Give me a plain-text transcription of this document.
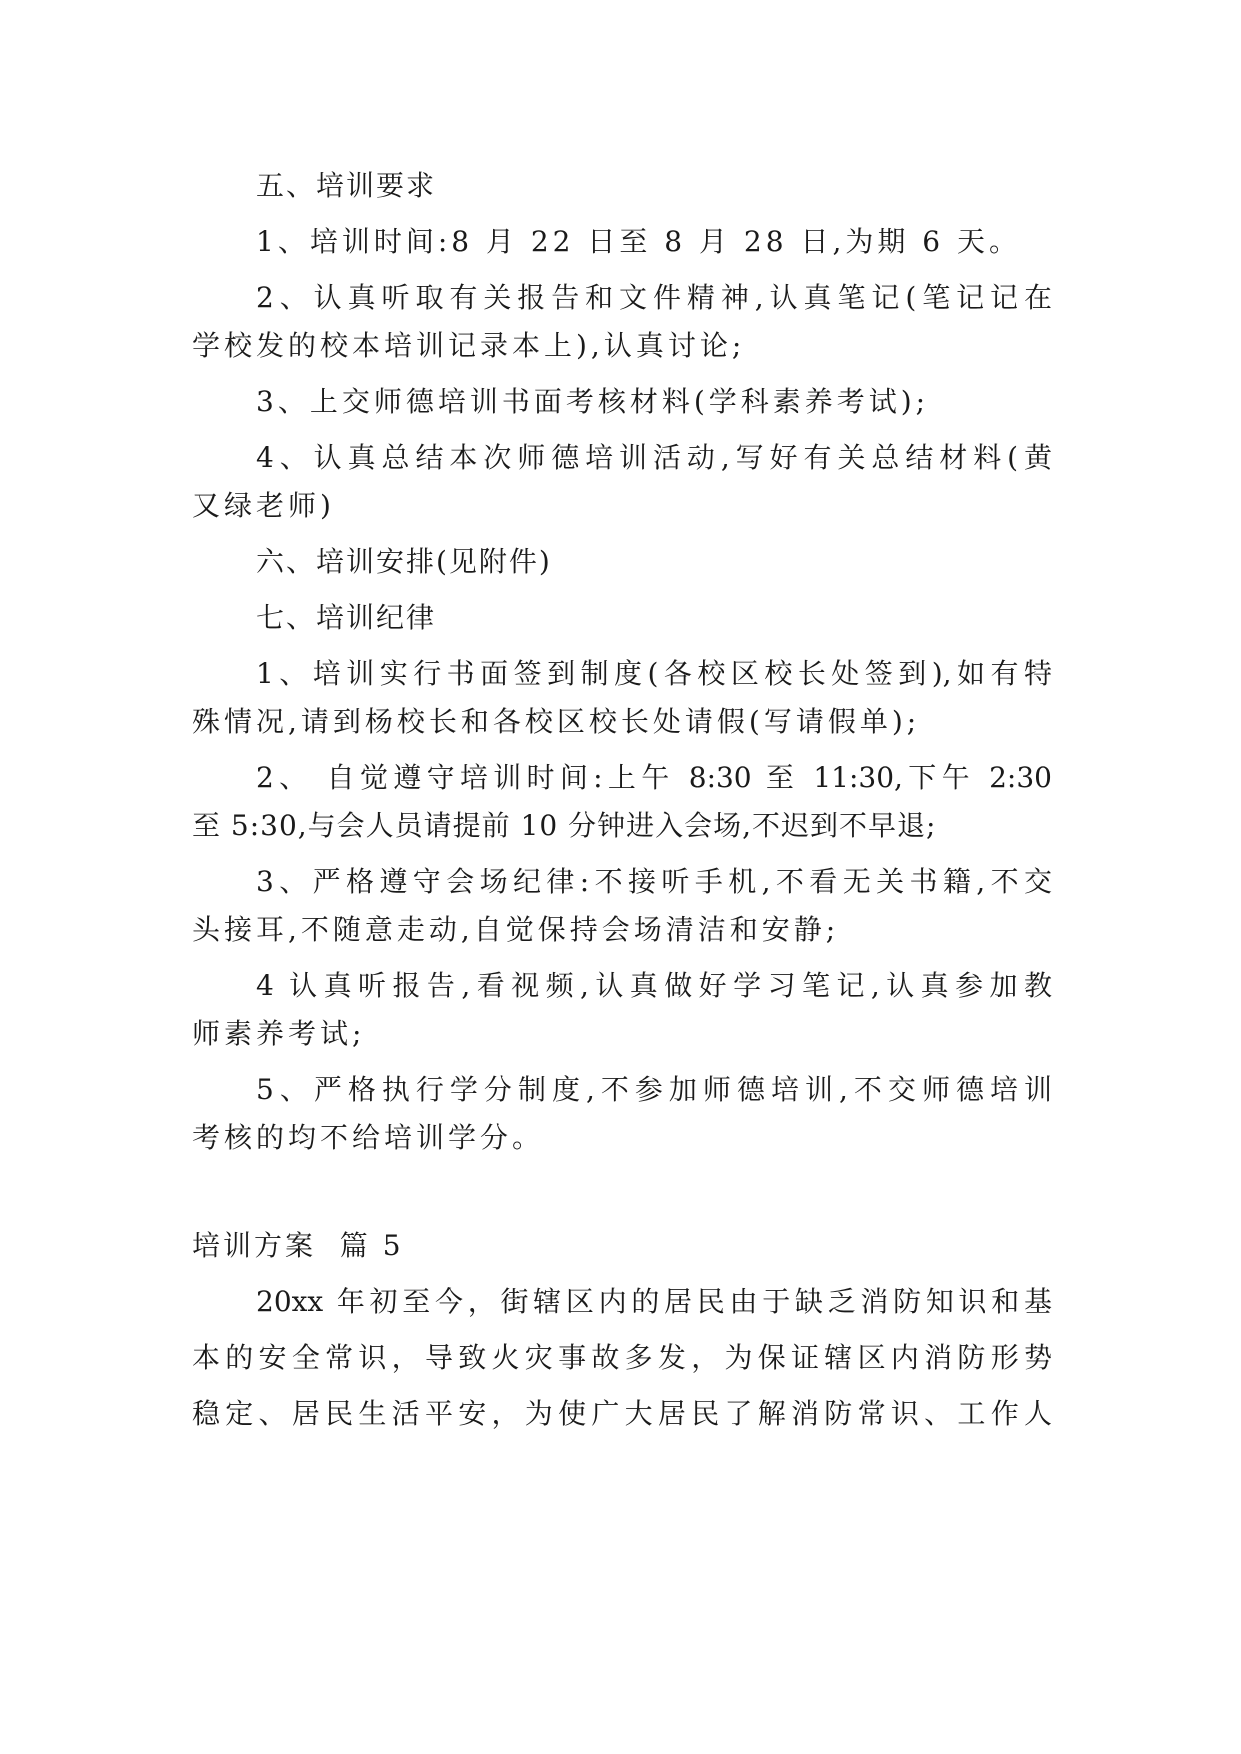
五、培训要求
1、培训时间:8 月 22 日至 8 月 28 日,为期 6 天。
2、认真听取有关报告和文件精神,认真笔记(笔记记在
学校发的校本培训记录本上),认真讨论;
3、上交师德培训书面考核材料(学科素养考试);
4、认真总结本次师德培训活动,写好有关总结材料(黄
又绿老师)
六、培训安排(见附件)
七、培训纪律
1、培训实行书面签到制度(各校区校长处签到),如有特
殊情况,请到杨校长和各校区校长处请假(写请假单);
2、 自觉遵守培训时间:上午 8:30 至 11:30,下午 2:30
至 5:30,与会人员请提前 10 分钟进入会场,不迟到不早退;
3、严格遵守会场纪律:不接听手机,不看无关书籍,不交
头接耳,不随意走动,自觉保持会场清洁和安静;
4 认真听报告,看视频,认真做好学习笔记,认真参加教
师素养考试;
5、严格执行学分制度,不参加师德培训,不交师德培训
考核的均不给培训学分。
培训方案  篇 5
20xx 年初至今，街辖区内的居民由于缺乏消防知识和基
本的安全常识，导致火灾事故多发，为保证辖区内消防形势
稳定、居民生活平安，为使广大居民了解消防常识、工作人
